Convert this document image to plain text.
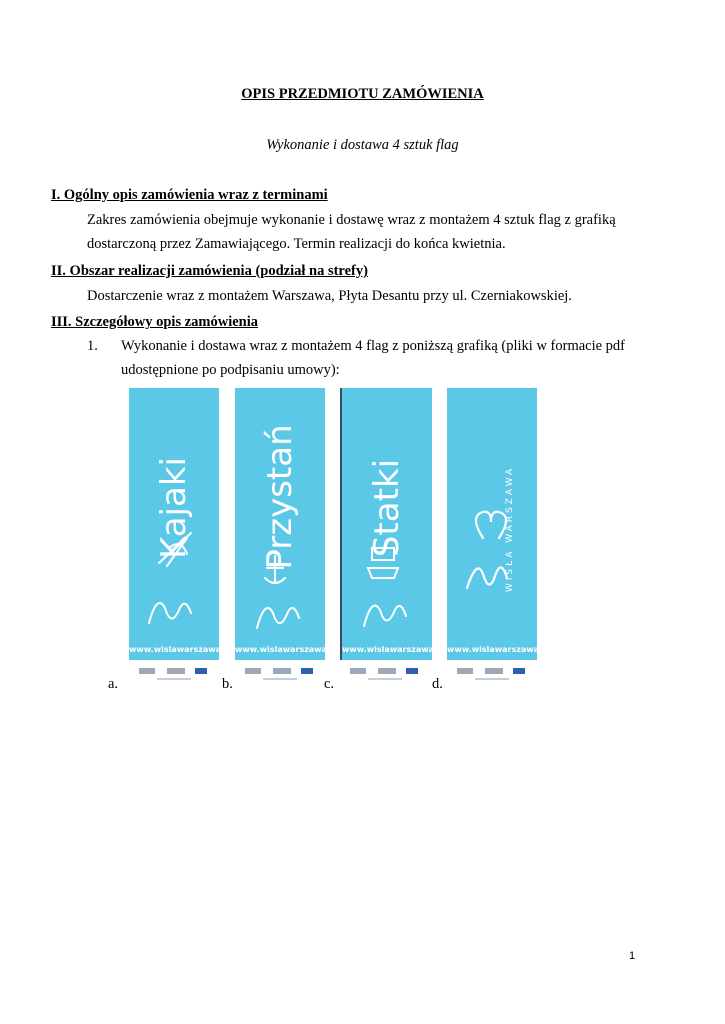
OPIS PRZEDMIOTU ZAMÓWIENIA
Wykonanie i dostawa 4 sztuk flag
I. Ogólny opis zamówienia wraz z terminami
Zakres zamówienia obejmuje wykonanie i dostawę wraz z montażem 4 sztuk flag z grafiką
dostarczoną przez Zamawiającego. Termin realizacji do końca kwietnia.
II. Obszar realizacji zamówienia (podział na strefy)
Dostarczenie wraz z montażem Warszawa, Płyta Desantu przy ul. Czerniakowskiej.
III. Szczegółowy opis zamówienia
1. Wykonanie i dostawa wraz z montażem 4 flag z poniższą grafiką (pliki w formacie pdf
udostępnione po podpisaniu umowy):
Kajaki
www.wislawarszawa.pl
a.
Przystań
www.wislawarszawa.pl
b.
Statki
www.wislawarszawa.pl
c.
WISŁA WARSZAWA
www.wislawarszawa.pl
d.
1
